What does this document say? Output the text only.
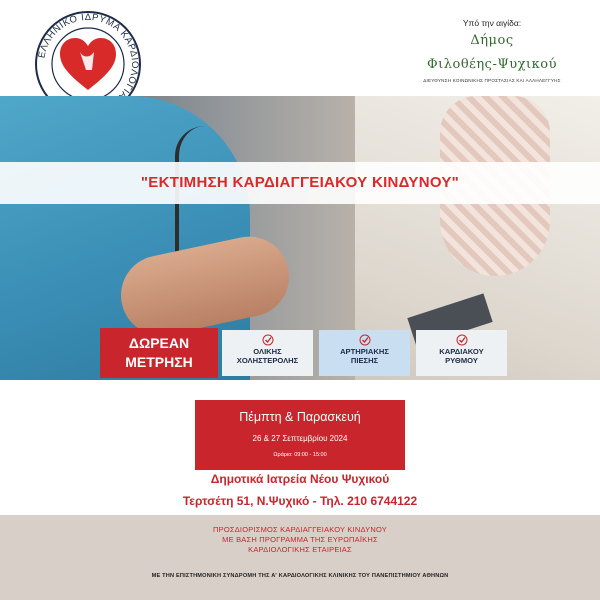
ΕΛΛΗΝΙΚΟ ΙΔΡΥΜΑ ΚΑΡΔΙΟΛΟΓΙ
Υπό την αιγίδα:
Δήμος
Φιλοθέης-Ψυχικού
ΔΙΕΥΘΥΝΣΗ ΚΟΙΝΩΝΙΚΗΣ ΠΡΟΣΤΑΣΙΑΣ ΚΑΙ ΑΛΛΗΛΕΓΓΥΗΣ
"ΕΚΤΙΜΗΣΗ ΚΑΡΔΙΑΓΓΕΙΑΚΟΥ ΚΙΝΔΥΝΟΥ"
ΔΩΡΕΑΝ
ΜΕΤΡΗΣΗ
ΟΛΙΚΗΣ
ΧΟΛΗΣΤΕΡΟΛΗΣ
ΑΡΤΗΡΙΑΚΗΣ
ΠΙΕΣΗΣ
ΚΑΡΔΙΑΚΟΥ
ΡΥΘΜΟΥ
Πέμπτη & Παρασκευή
26 & 27 Σεπτεμβρίου 2024
Ωράριο: 09:00 - 15:00
Δημοτικά Ιατρεία Νέου Ψυχικού
Τερτσέτη 51, Ν.Ψυχικό - Τηλ. 210 6744122
ΠΡΟΣΔΙΟΡΙΣΜΟΣ ΚΑΡΔΙΑΓΓΕΙΑΚΟΥ ΚΙΝΔΥΝΟΥ
ΜΕ ΒΑΣΗ ΠΡΟΓΡΑΜΜΑ ΤΗΣ ΕΥΡΩΠΑΪΚΗΣ
ΚΑΡΔΙΟΛΟΓΙΚΗΣ ΕΤΑΙΡΕΙΑΣ
ΜΕ ΤΗΝ ΕΠΙΣΤΗΜΟΝΙΚΗ ΣΥΝΔΡΟΜΗ ΤΗΣ Α' ΚΑΡΔΙΟΛΟΓΙΚΗΣ ΚΛΙΝΙΚΗΣ ΤΟΥ ΠΑΝΕΠΙΣΤΗΜΙΟΥ ΑΘΗΝΩΝ
